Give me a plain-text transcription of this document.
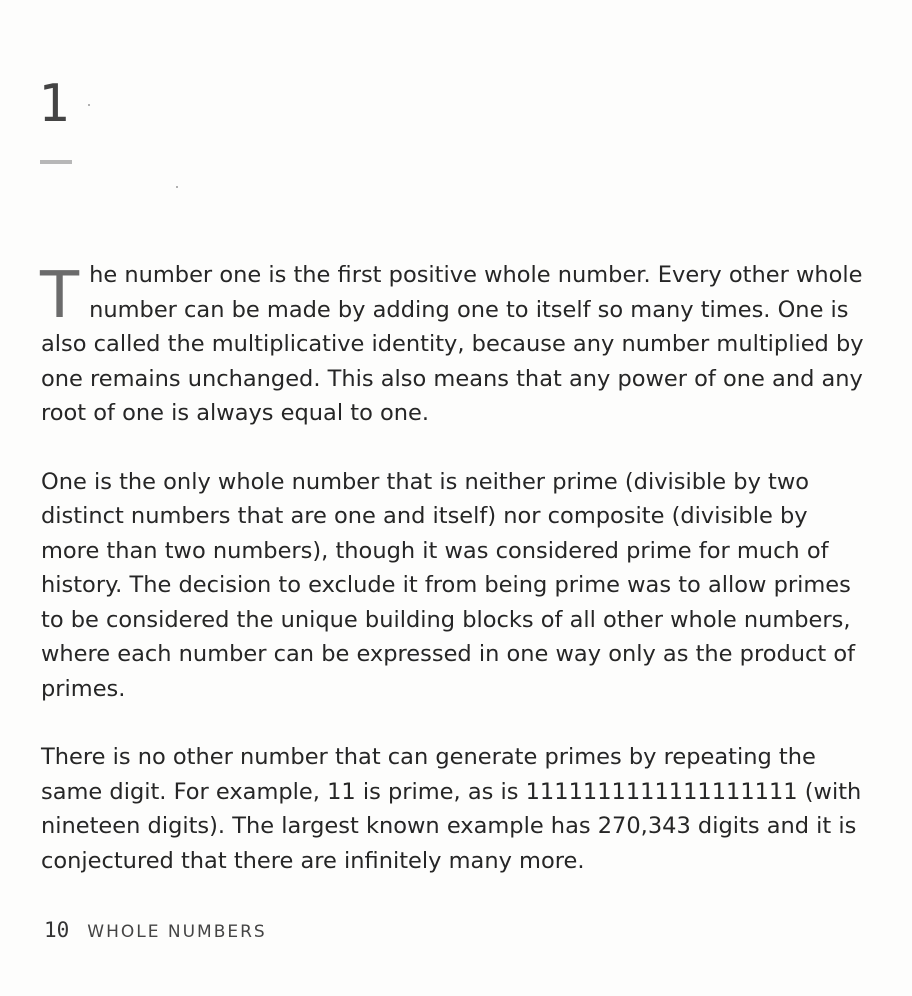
1

The number one is the first positive whole number. Every other whole number can be made by adding one to itself so many times. One is also called the multiplicative identity, because any number multiplied by one remains unchanged. This also means that any power of one and any root of one is always equal to one.

One is the only whole number that is neither prime (divisible by two distinct numbers that are one and itself) nor composite (divisible by more than two numbers), though it was considered prime for much of history. The decision to exclude it from being prime was to allow primes to be considered the unique building blocks of all other whole numbers, where each number can be expressed in one way only as the product of primes.

There is no other number that can generate primes by repeating the same digit. For example, 11 is prime, as is 1111111111111111111 (with nineteen digits). The largest known example has 270,343 digits and it is conjectured that there are infinitely many more.

10 WHOLE NUMBERS
